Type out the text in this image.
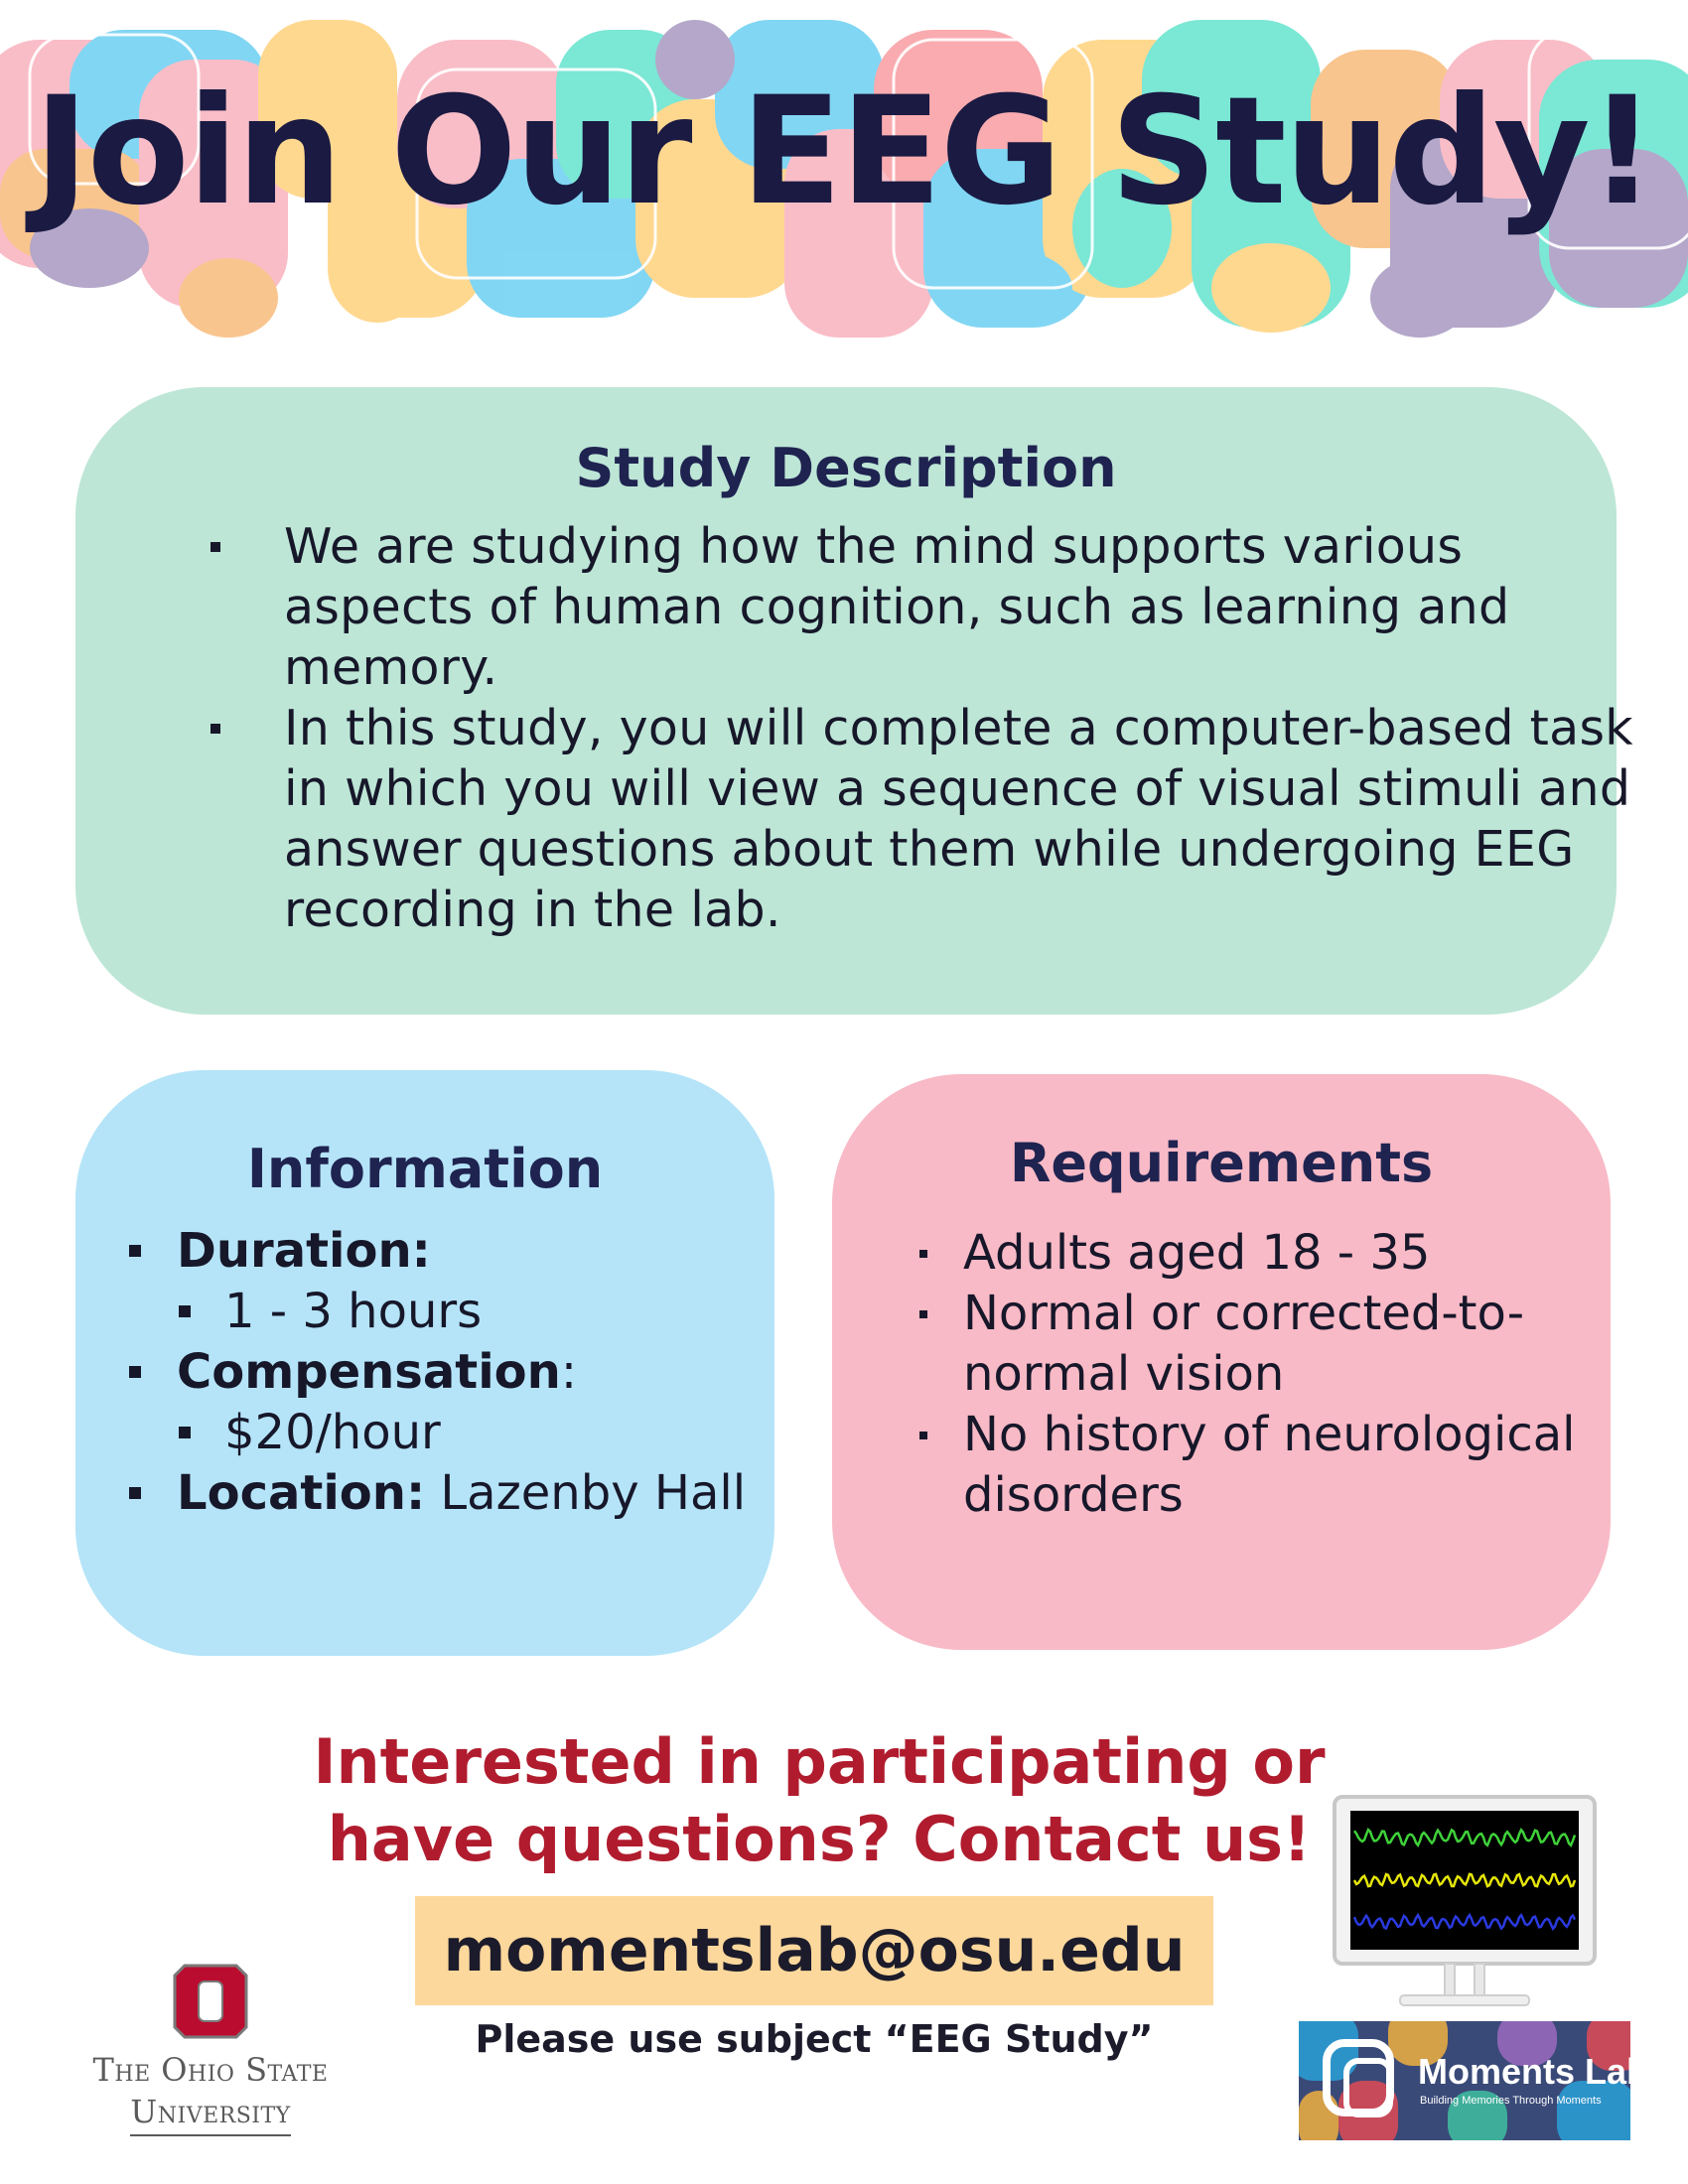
Join Our EEG Study!
Study Description
We are studying how the mind supports various aspects of human cognition, such as learning and memory.
In this study, you will complete a computer-based task in which you will view a sequence of visual stimuli and answer questions about them while undergoing EEG recording in the lab.
Information
Duration:
1 - 3 hours
Compensation:
$20/hour
Location: Lazenby Hall
Requirements
Adults aged 18 - 35
Normal or corrected-to-normal vision
No history of neurological disorders
Interested in participating or
have questions? Contact us!
momentslab@osu.edu
Please use subject “EEG Study”
The Ohio State
University
Moments Lab
Building Memories Through Moments
